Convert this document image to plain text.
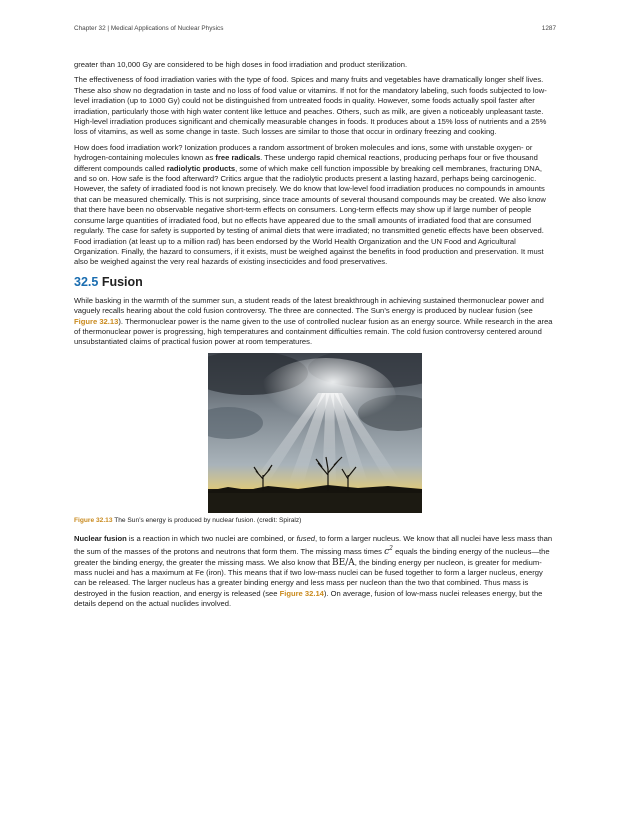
Chapter 32 | Medical Applications of Nuclear Physics	1287

greater than 10,000 Gy are considered to be high doses in food irradiation and product sterilization.

The effectiveness of food irradiation varies with the type of food. Spices and many fruits and vegetables have dramatically longer shelf lives. These also show no degradation in taste and no loss of food value or vitamins. If not for the mandatory labeling, such foods subjected to low-level irradiation (up to 1000 Gy) could not be distinguished from untreated foods in quality. However, some foods actually spoil faster after irradiation, particularly those with high water content like lettuce and peaches. Others, such as milk, are given a noticeably unpleasant taste. High-level irradiation produces significant and chemically measurable changes in foods. It produces about a 15% loss of nutrients and a 25% loss of vitamins, as well as some change in taste. Such losses are similar to those that occur in ordinary freezing and cooking.

How does food irradiation work? Ionization produces a random assortment of broken molecules and ions, some with unstable oxygen- or hydrogen-containing molecules known as free radicals. These undergo rapid chemical reactions, producing perhaps four or five thousand different compounds called radiolytic products, some of which make cell function impossible by breaking cell membranes, fracturing DNA, and so on. How safe is the food afterward? Critics argue that the radiolytic products present a lasting hazard, perhaps being carcinogenic. However, the safety of irradiated food is not known precisely. We do know that low-level food irradiation produces no compounds in amounts that can be measured chemically. This is not surprising, since trace amounts of several thousand compounds may be created. We also know that there have been no observable negative short-term effects on consumers. Long-term effects may show up if large number of people consume large quantities of irradiated food, but no effects have appeared due to the small amounts of irradiated food that are consumed regularly. The case for safety is supported by testing of animal diets that were irradiated; no transmitted genetic effects have been observed. Food irradiation (at least up to a million rad) has been endorsed by the World Health Organization and the UN Food and Agricultural Organization. Finally, the hazard to consumers, if it exists, must be weighed against the benefits in food production and preservation. It must also be weighed against the very real hazards of existing insecticides and food preservatives.

32.5 Fusion

While basking in the warmth of the summer sun, a student reads of the latest breakthrough in achieving sustained thermonuclear power and vaguely recalls hearing about the cold fusion controversy. The three are connected. The Sun’s energy is produced by nuclear fusion (see Figure 32.13). Thermonuclear power is the name given to the use of controlled nuclear fusion as an energy source. While research in the area of thermonuclear power is progressing, high temperatures and containment difficulties remain. The cold fusion controversy centered around unsubstantiated claims of practical fusion power at room temperatures.

Figure 32.13 The Sun’s energy is produced by nuclear fusion. (credit: Spiralz)

Nuclear fusion is a reaction in which two nuclei are combined, or fused, to form a larger nucleus. We know that all nuclei have less mass than the sum of the masses of the protons and neutrons that form them. The missing mass times $c^2$ equals the binding energy of the nucleus—the greater the binding energy, the greater the missing mass. We also know that BE/A, the binding energy per nucleon, is greater for medium-mass nuclei and has a maximum at Fe (iron). This means that if two low-mass nuclei can be fused together to form a larger nucleus, energy can be released. The larger nucleus has a greater binding energy and less mass per nucleon than the two that combined. Thus mass is destroyed in the fusion reaction, and energy is released (see Figure 32.14). On average, fusion of low-mass nuclei releases energy, but the details depend on the actual nuclides involved.
